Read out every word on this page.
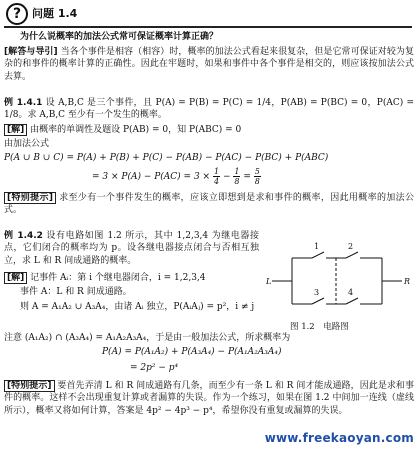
? 问题 1.4
为什么说概率的加法公式常可保证概率计算正确？

[解答与导引] 当各个事件是相容（相容）时，概率的加法公式看起来很复杂，但是它常可保证对较为复杂的和事件的概率计算的正确性。因此在牢题时，如果和事件中各个事件是相交的，则应该按加法公式去算。

例 1.4.1 设 A,B,C 是三个事件，且 P(A) = P(B) = P(C) = 1/4，P(AB) = P(BC) = 0，P(AC) = 1/8。求 A,B,C 至少有一个发生的概率。

[解] 由概率的单调性及题设 P(AB) = 0，知 P(ABC) = 0

由加法公式
P(A ∪ B ∪ C) = P(A) + P(B) + P(C) − P(AB) − P(AC) − P(BC) + P(ABC)
= $3 \times P(A) - P(AC) = 3 \times \frac{1}{4} - \frac{1}{8} = \frac{5}{8}$

[特别提示] 求至少有一个事件发生的概率，应该立即想到是求和事件的概率，因此用概率的加法公式。

例 1.4.2 设有电路如图 1.2 所示，其中 1,2,3,4 为继电器接点，它们闭合的概率均为 p。设各继电器接点闭合与否相互独立，求 L 和 R 间成通路的概率。

[解] 记事件 Aᵢ：第 i 个继电器闭合，i = 1,2,3,4
事件 A：L 和 R 间成通路。
则 A = A₁A₂ ∪ A₃A₄，由诸 Aᵢ 独立，P(AᵢAⱼ) = p²，i ≠ j
注意 (A₁A₂) ∩ (A₃A₄) = A₁A₂A₃A₄，于是由一般加法公式，所求概率为
P(A) = P(A₁A₂) + P(A₃A₄) − P(A₁A₂A₃A₄)
= 2p² − p⁴
L	R
1	2
3	4
图 1.2　电路图

[特别提示] 要首先弄清 L 和 R 间成通路有几条，而至少有一条 L 和 R 间才能成通路，因此是求和事件的概率。这样不会出现重复计算或者漏算的失误。作为一个练习，如果在图 1.2 中间加一连线（虚线所示），概率又将如何计算，答案是 4p² − 4p³ − p⁴，希望你没有重复或漏算的失误。

www.freekaoyan.com
